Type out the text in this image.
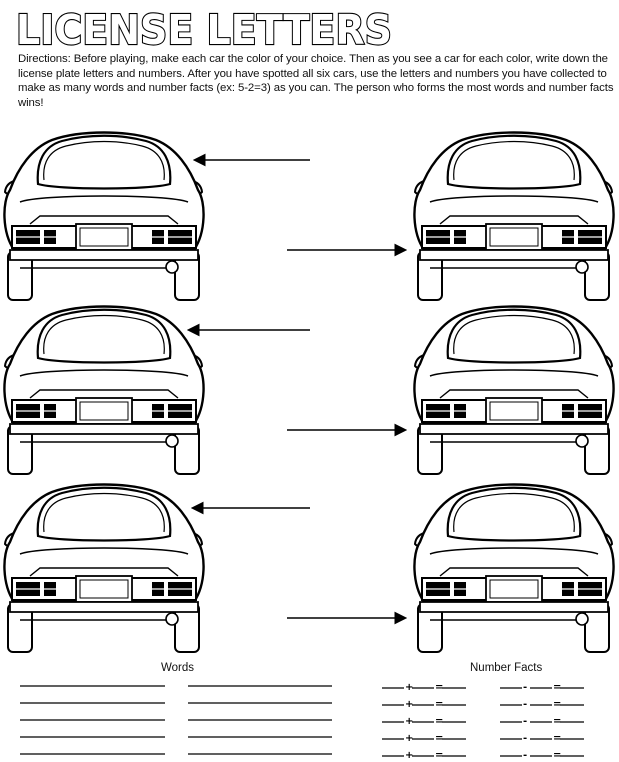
LICENSE LETTERS

Directions: Before playing, make each car the color of your choice. Then as you see a car for each color, write down the license plate letters and numbers. After you have spotted all six cars, use the letters and numbers you have collected to make as many words and number facts (ex: 5-2=3) as you can. The person who forms the most words and number facts wins!

+ =	-	=
+ =	-	=
+ =	-	=
+ =	-	=
+ =	-	=

Words	Number Facts
